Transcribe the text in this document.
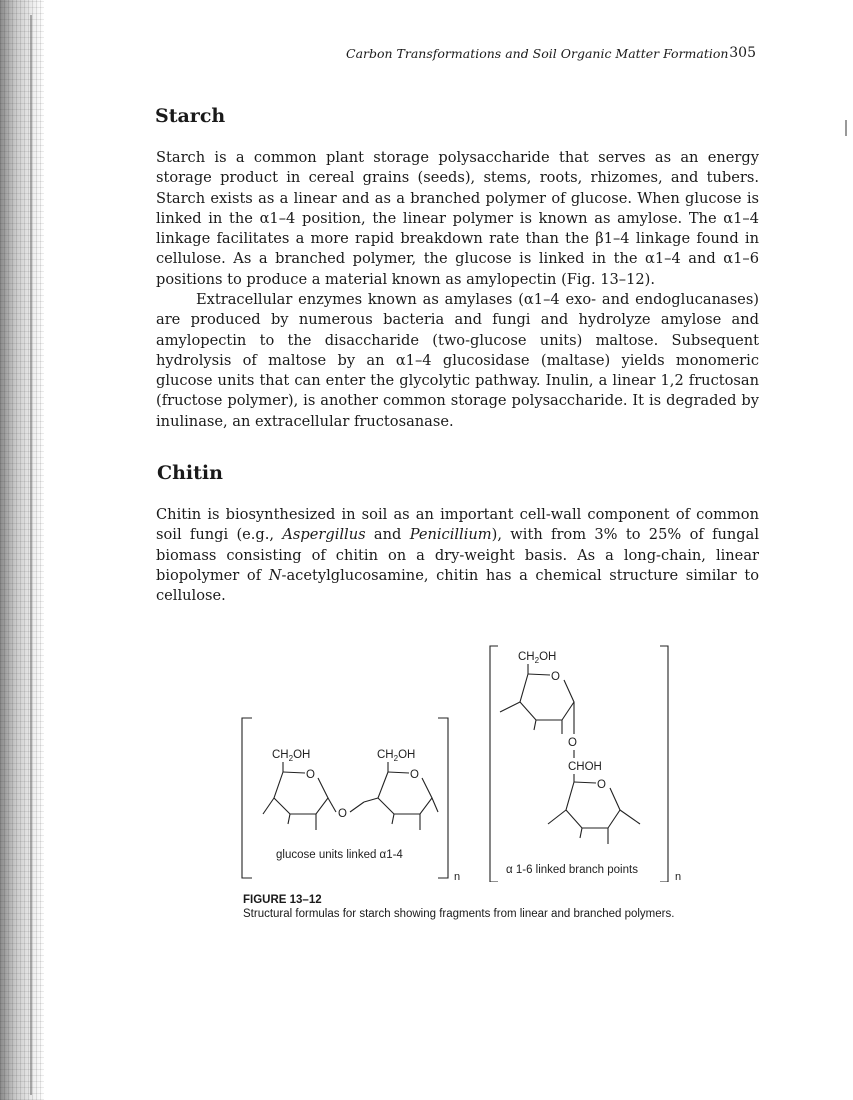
Carbon Transformations and Soil Organic Matter Formation 305
Starch

Starch is a common plant storage polysaccharide that serves as an energy storage product in cereal grains (seeds), stems, roots, rhizomes, and tubers. Starch exists as a linear and as a branched polymer of glucose. When glucose is linked in the α1–4 position, the linear polymer is known as amylose. The α1–4 linkage facilitates a more rapid breakdown rate than the β1–4 linkage found in cellulose. As a branched polymer, the glucose is linked in the α1–4 and α1–6 positions to produce a material known as amylopectin (Fig. 13–12).

Extracellular enzymes known as amylases (α1–4 exo- and endoglucanases) are produced by numerous bacteria and fungi and hydrolyze amylose and amylopectin to the disaccharide (two-glucose units) maltose. Subsequent hydrolysis of maltose by an α1–4 glucosidase (maltase) yields monomeric glucose units that can enter the glycolytic pathway. Inulin, a linear 1,2 fructosan (fructose polymer), is another common storage polysaccharide. It is degraded by inulinase, an extracellular fructosanase.

Chitin

Chitin is biosynthesized in soil as an important cell-wall component of common soil fungi (e.g., Aspergillus and Penicillium), with from 3% to 25% of fungal biomass consisting of chitin on a dry-weight basis. As a long-chain, linear biopolymer of N-acetylglucosamine, chitin has a chemical structure similar to cellulose.

n
$CH_2OH$
O
O
$CH_2OH$
O
glucose units linked α1-4
n
$CH_2OH$
O
O
CHOH
O
α 1-6 linked branch points
FIGURE 13–12
Structural formulas for starch showing fragments from linear and branched polymers.
